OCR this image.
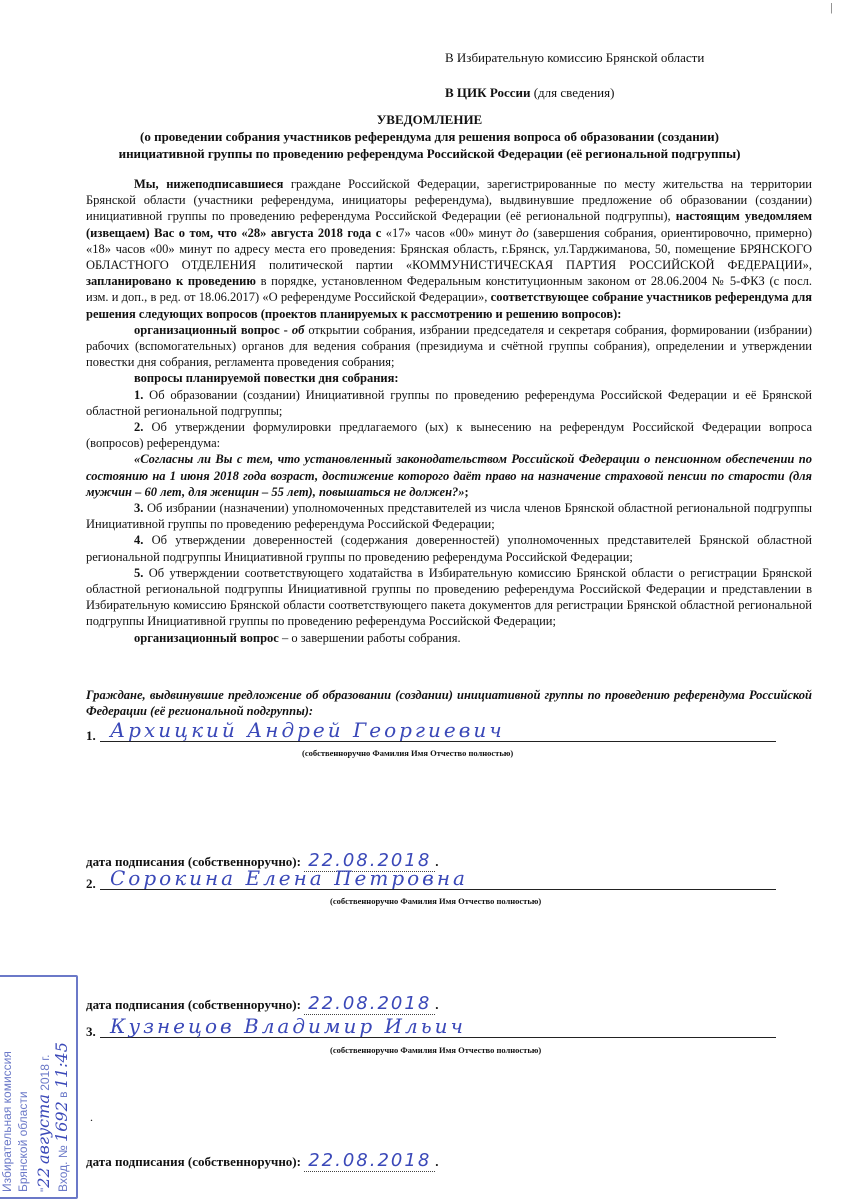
|
В Избирательную комиссию Брянской области
В ЦИК России (для сведения)
УВЕДОМЛЕНИЕ
(о проведении собрания участников референдума для решения вопроса об образовании (создании)
инициативной группы по проведению референдума Российской Федерации (её региональной подгруппы)

Мы, нижеподписавшиеся граждане Российской Федерации, зарегистрированные по месту жительства на территории Брянской области (участники референдума, инициаторы референдума), выдвинувшие предложение об образовании (создании) инициативной группы по проведению референдума Российской Федерации (её региональной подгруппы), настоящим уведомляем (извещаем) Вас о том, что «28» августа 2018 года с «17» часов «00» минут до (завершения собрания, ориентировочно, примерно) «18» часов «00» минут по адресу места его проведения: Брянская область, г.Брянск, ул.Тарджиманова, 50, помещение БРЯНСКОГО ОБЛАСТНОГО ОТДЕЛЕНИЯ политической партии «КОММУНИСТИЧЕСКАЯ ПАРТИЯ РОССИЙСКОЙ ФЕДЕРАЦИИ», запланировано к проведению в порядке, установленном Федеральным конституционным законом от 28.06.2004 № 5-ФКЗ (с посл. изм. и доп., в ред. от 18.06.2017) «О референдуме Российской Федерации», соответствующее собрание участников референдума для решения следующих вопросов (проектов планируемых к рассмотрению и решению вопросов):

организационный вопрос - об открытии собрания, избрании председателя и секретаря собрания, формировании (избрании) рабочих (вспомогательных) органов для ведения собрания (президиума и счётной группы собрания), определении и утверждении повестки дня собрания, регламента проведения собрания;

вопросы планируемой повестки дня собрания:

1. Об образовании (создании) Инициативной группы по проведению референдума Российской Федерации и её Брянской областной региональной подгруппы;

2. Об утверждении формулировки предлагаемого (ых) к вынесению на референдум Российской Федерации вопроса (вопросов) референдума:

«Согласны ли Вы с тем, что установленный законодательством Российской Федерации о пенсионном обеспечении по состоянию на 1 июня 2018 года возраст, достижение которого даёт право на назначение страховой пенсии по старости (для мужчин – 60 лет, для женщин – 55 лет), повышаться не должен?»;

3. Об избрании (назначении) уполномоченных представителей из числа членов Брянской областной региональной подгруппы Инициативной группы по проведению референдума Российской Федерации;

4. Об утверждении доверенностей (содержания доверенностей) уполномоченных представителей Брянской областной региональной подгруппы Инициативной группы по проведению референдума Российской Федерации;

5. Об утверждении соответствующего ходатайства в Избирательную комиссию Брянской области о регистрации Брянской областной региональной подгруппы Инициативной группы по проведению референдума Российской Федерации и представлении в Избирательную комиссию Брянской области соответствующего пакета документов для регистрации Брянской областной региональной подгруппы Инициативной группы по проведению референдума Российской Федерации;

организационный вопрос – о завершении работы собрания.

Граждане, выдвинувшие предложение об образовании (создании) инициативной группы по проведению референдума Российской Федерации (её региональной подгруппы):
1. Архицкий Андрей Георгиевич
(собственноручно Фамилия Имя Отчество полностью)
дата подписания (собственноручно): 22.08.2018 .
2. Сорокина Елена Петровна
(собственноручно Фамилия Имя Отчество полностью)
дата подписания (собственноручно): 22.08.2018 .
3. Кузнецов Владимир Ильич
(собственноручно Фамилия Имя Отчество полностью)
.
дата подписания (собственноручно): 22.08.2018 .
Избирательная комиссия Брянской области "22 августа 2018 г.
Вход. № 1692 в 11:45
